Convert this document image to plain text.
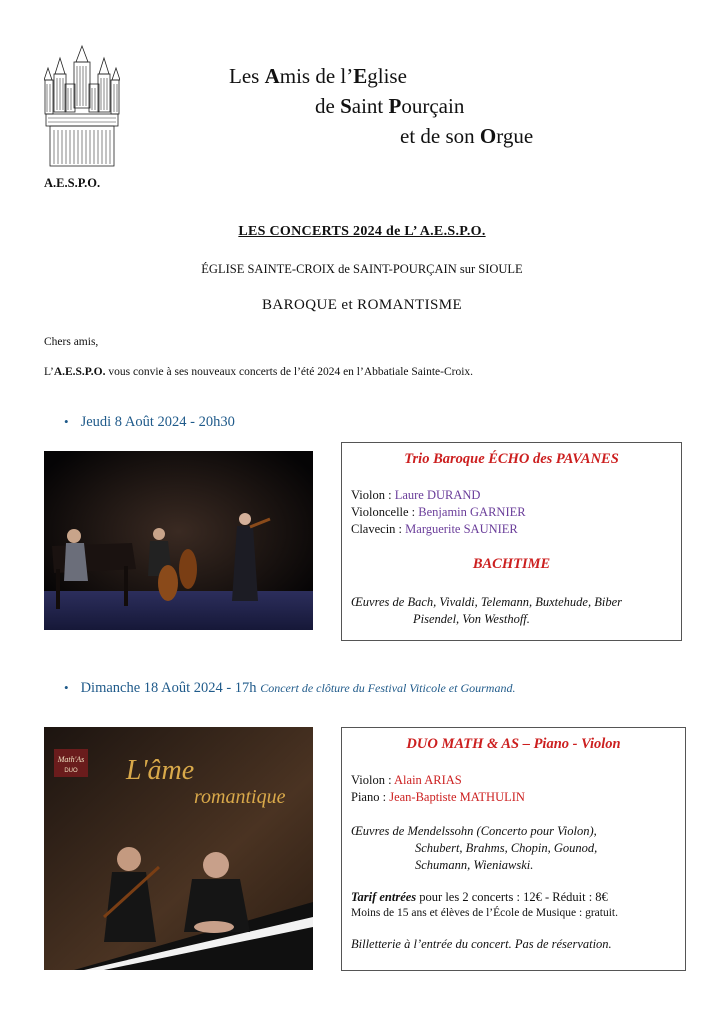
A.E.S.P.O.
Les Amis de l’Eglise
de Saint Pourçain
et de son Orgue
LES CONCERTS 2024 de L’ A.E.S.P.O.
ÉGLISE SAINTE-CROIX de SAINT-POURÇAIN sur SIOULE
BAROQUE et ROMANTISME
Chers amis,
L’A.E.S.P.O. vous convie à ses nouveaux concerts de l’été 2024 en l’Abbatiale Sainte-Croix.
• Jeudi 8 Août 2024 - 20h30
Trio Baroque ÉCHO des PAVANES
Violon : Laure DURAND
Violoncelle : Benjamin GARNIER
Clavecin : Marguerite SAUNIER
BACHTIME
Œuvres de Bach, Vivaldi, Telemann, Buxtehude, Biber
Pisendel, Von Westhoff.
• Dimanche 18 Août 2024 - 17h Concert de clôture du Festival Viticole et Gourmand.
Math'As
DUO L'âme
romantique
DUO MATH & AS – Piano - Violon
Violon : Alain ARIAS
Piano : Jean-Baptiste MATHULIN
Œuvres de Mendelssohn (Concerto pour Violon),
Schubert, Brahms, Chopin, Gounod,
Schumann, Wieniawski.
Tarif entrées pour les 2 concerts : 12€ - Réduit : 8€
Moins de 15 ans et élèves de l’École de Musique : gratuit.
Billetterie à l’entrée du concert. Pas de réservation.
